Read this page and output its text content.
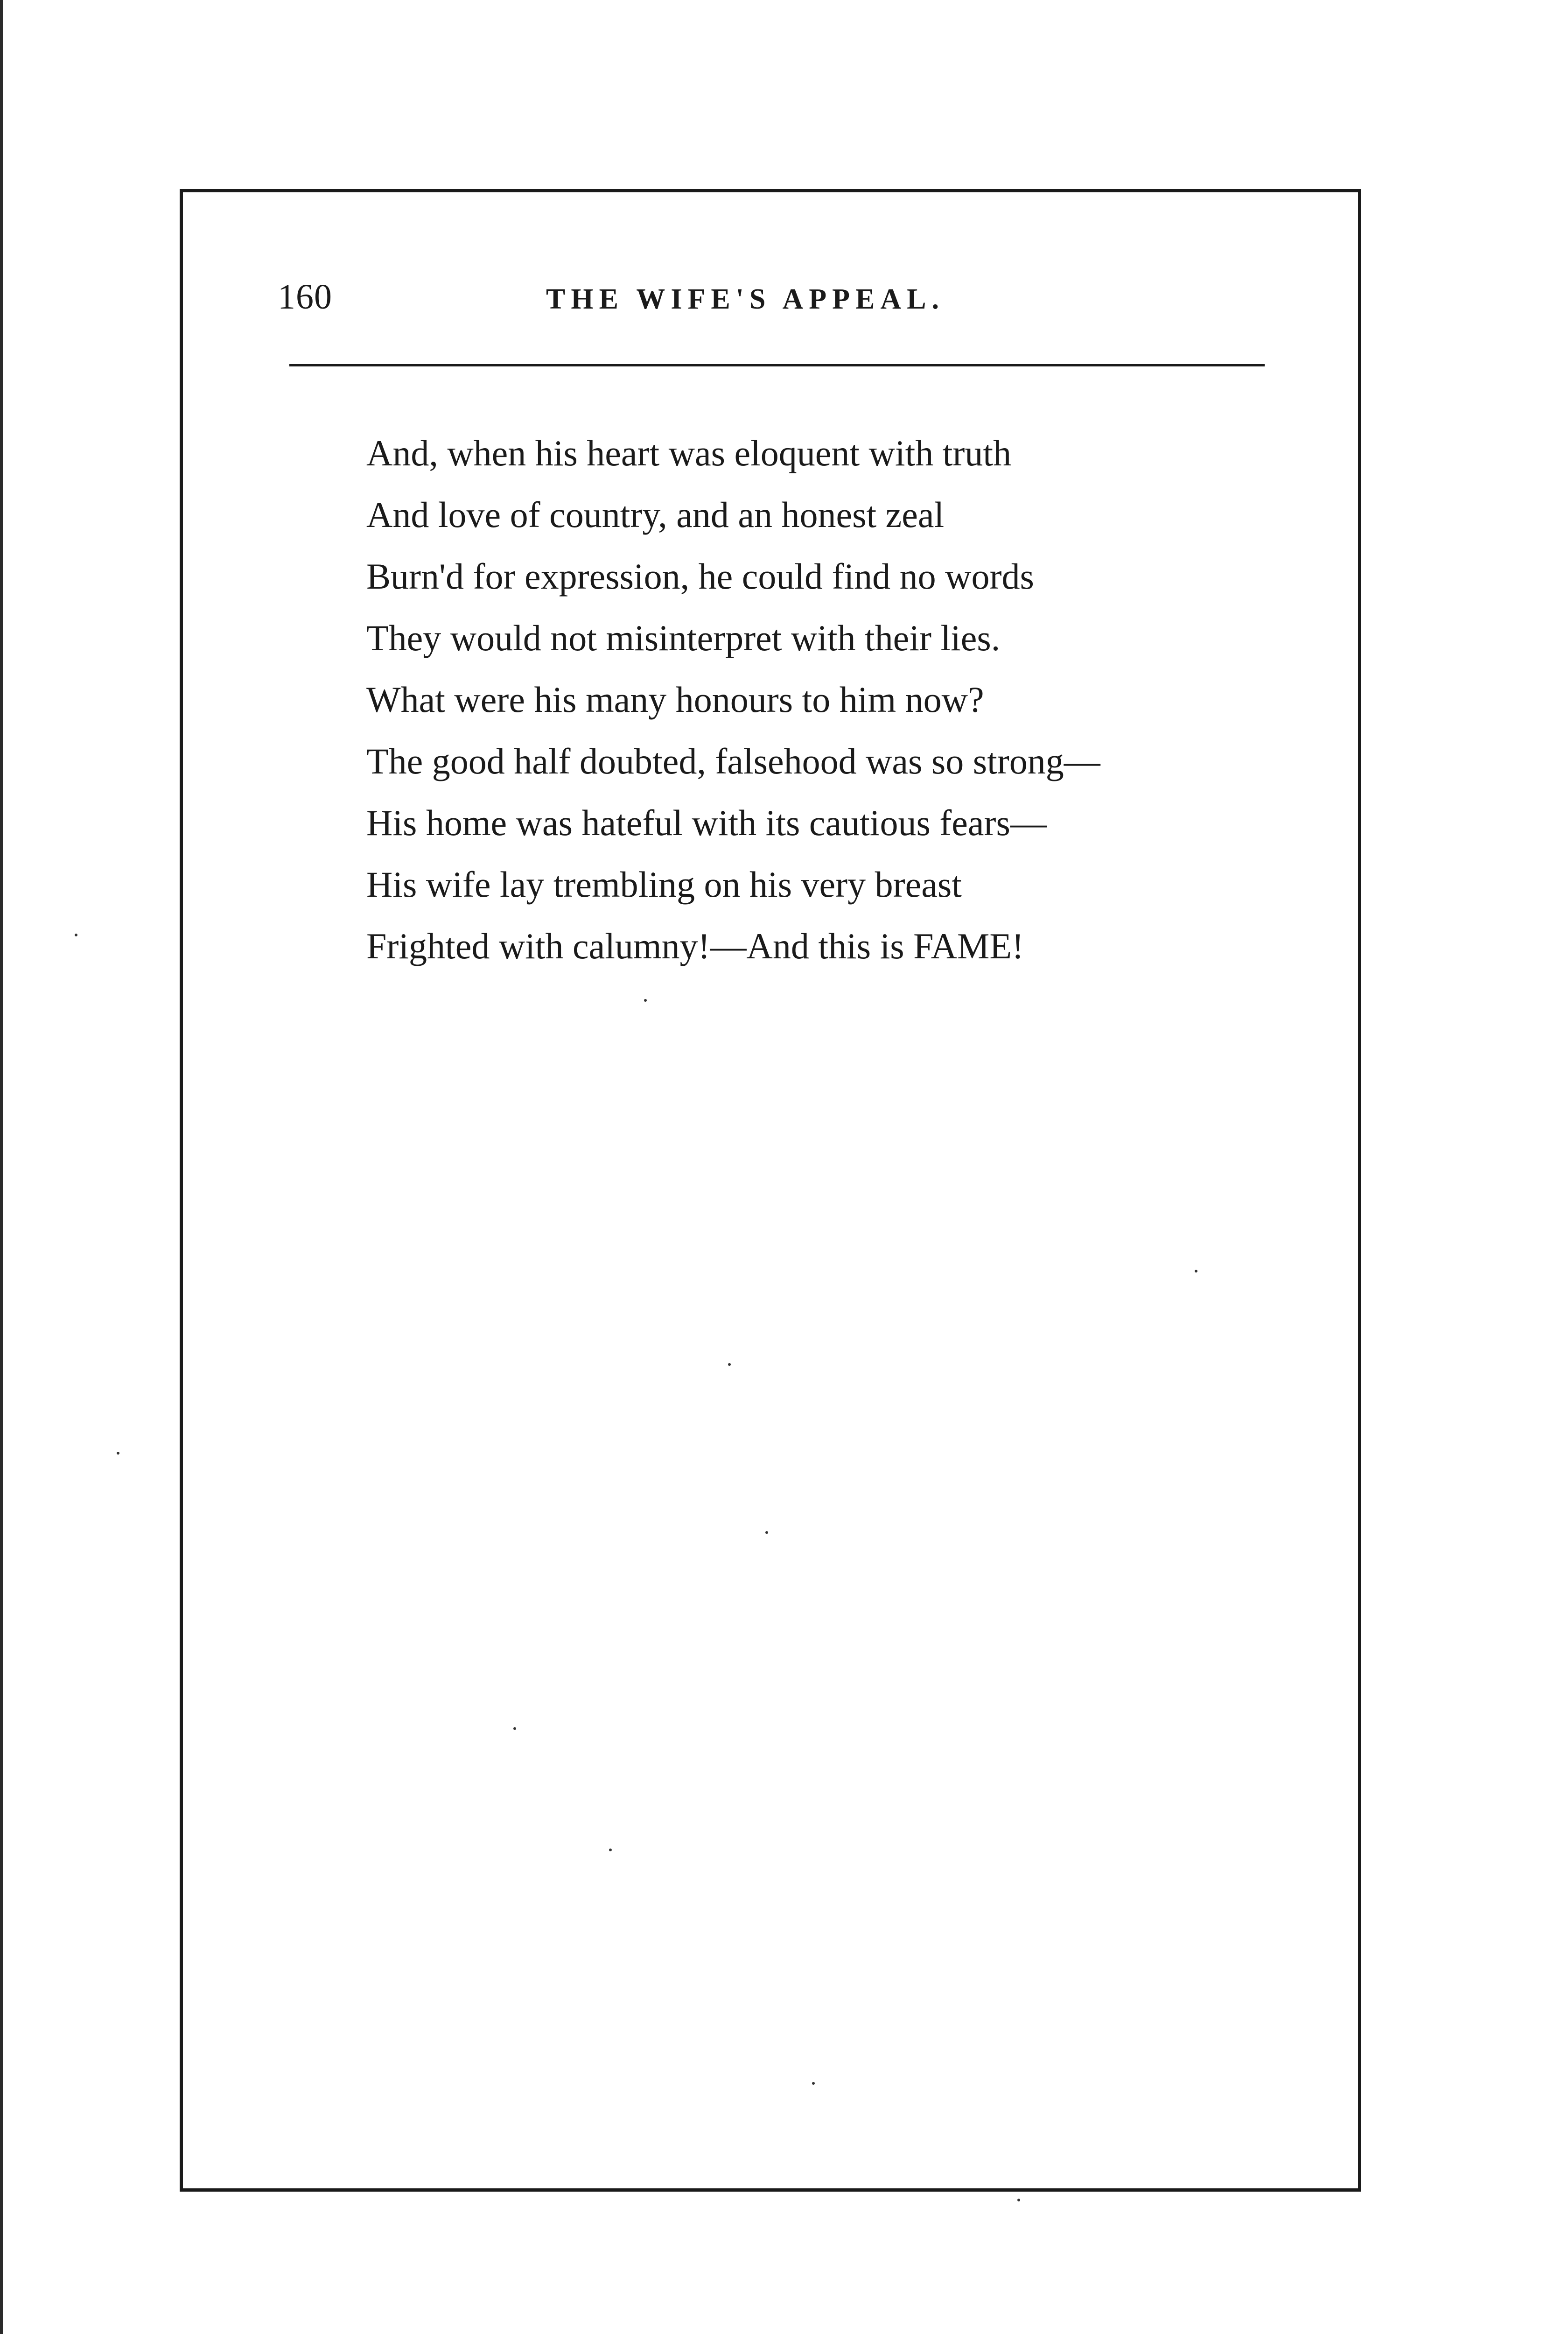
160	THE WIFE'S APPEAL.
And, when his heart was eloquent with truth
And love of country, and an honest zeal
Burn'd for expression, he could find no words
They would not misinterpret with their lies.
What were his many honours to him now?
The good half doubted, falsehood was so strong—
His home was hateful with its cautious fears—
His wife lay trembling on his very breast
Frighted with calumny!—And this is FAME!
